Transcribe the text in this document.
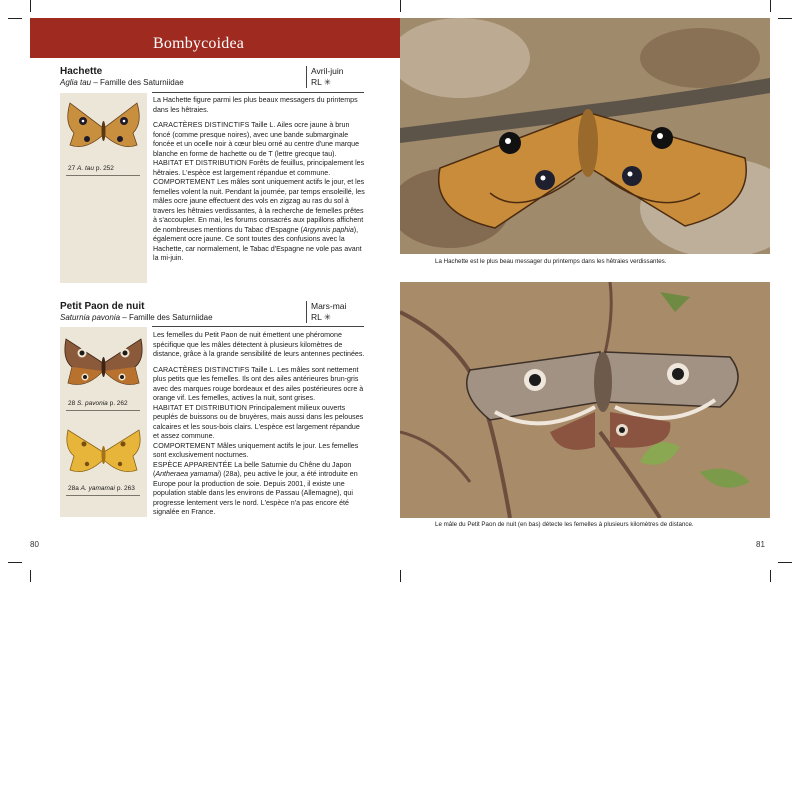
Bombycoidea
Hachette
Aglia tau – Famille des Saturniidae
Avril-juin
RL ✳
27 A. tau p. 252

La Hachette figure parmi les plus beaux messagers du printemps dans les hêtraies.

CARACTÈRES DISTINCTIFS Taille L. Ailes ocre jaune à brun foncé (comme presque noires), avec une bande submarginale foncée et un ocelle noir à cœur bleu orné au centre d'une marque blanche en forme de hachette ou de T (lettre grecque tau).
HABITAT ET DISTRIBUTION Forêts de feuillus, principalement les hêtraies. L'espèce est largement répandue et commune.
COMPORTEMENT Les mâles sont uniquement actifs le jour, et les femelles volent la nuit. Pendant la journée, par temps ensoleillé, les mâles ocre jaune effectuent des vols en zigzag au ras du sol à travers les hêtraies verdissantes, à la recherche de femelles prêtes à s'accoupler. En mai, les forums consacrés aux papillons affichent de nombreuses mentions du Tabac d'Espagne (Argynnis paphia), également ocre jaune. Ce sont toutes des confusions avec la Hachette, car normalement, le Tabac d'Espagne ne vole pas avant la mi-juin.
Petit Paon de nuit
Saturnia pavonia – Famille des Saturniidae
Mars-mai
RL ✳
28 S. pavonia p. 262
28a A. yamamai p. 263

Les femelles du Petit Paon de nuit émettent une phéromone spécifique que les mâles détectent à plusieurs kilomètres de distance, grâce à la grande sensibilité de leurs antennes pectinées.

CARACTÈRES DISTINCTIFS Taille L. Les mâles sont nettement plus petits que les femelles. Ils ont des ailes antérieures brun-gris avec des marques rouge bordeaux et des ailes postérieures ocre à orange vif. Les femelles, actives la nuit, sont grises.
HABITAT ET DISTRIBUTION Principalement milieux ouverts peuplés de buissons ou de bruyères, mais aussi dans les pelouses calcaires et les sous-bois clairs. L'espèce est largement répandue et assez commune.
COMPORTEMENT Mâles uniquement actifs le jour. Les femelles sont exclusivement nocturnes.
ESPÈCE APPARENTÉE La belle Saturnie du Chêne du Japon (Antheraea yamamai) (28a), peu active le jour, a été introduite en Europe pour la production de soie. Depuis 2001, il existe une population stable dans les environs de Passau (Allemagne), qui progresse lentement vers le nord. L'espèce n'a pas encore été signalée en France.
80
La Hachette est le plus beau messager du printemps dans les hêtraies verdissantes.
Le mâle du Petit Paon de nuit (en bas) détecte les femelles à plusieurs kilomètres de distance.
81
